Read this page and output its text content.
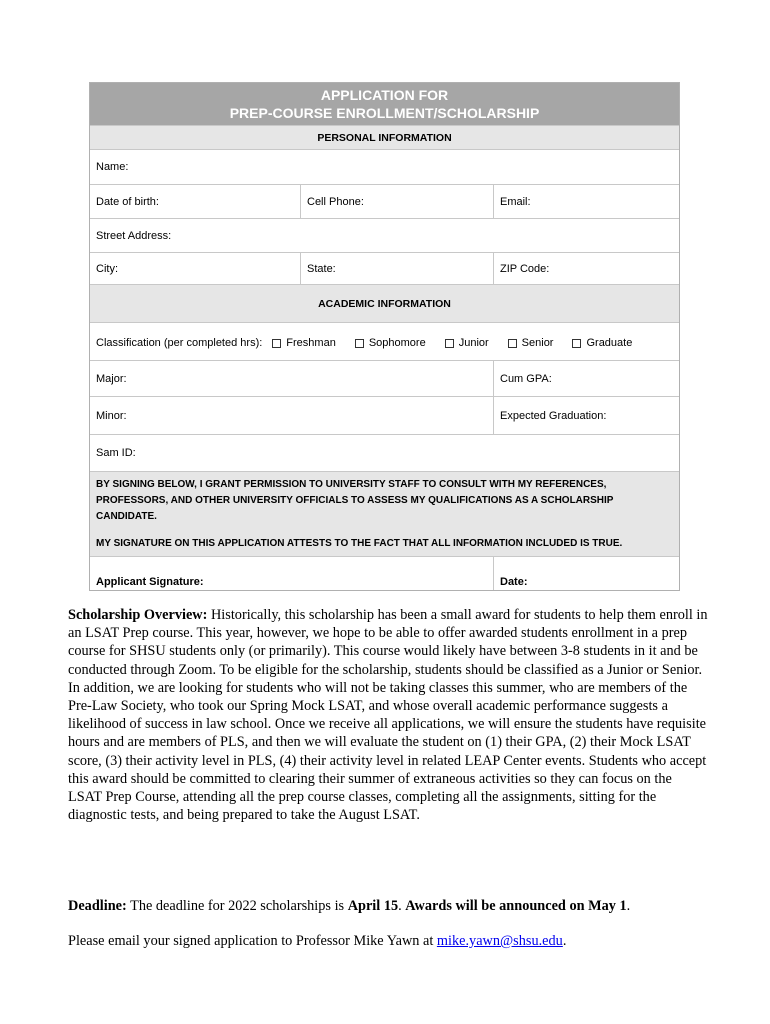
APPLICATION FOR
PREP-COURSE ENROLLMENT/SCHOLARSHIP
PERSONAL INFORMATION
Name:
Date of birth:	Cell Phone:	Email:
Street Address:
City:	State:	ZIP Code:
ACADEMIC INFORMATION
Classification (per completed hrs): Freshman	Sophomore	Junior	Senior	Graduate
Major:	Cum GPA:
Minor:	Expected Graduation:
Sam ID:

BY SIGNING BELOW, I GRANT PERMISSION TO UNIVERSITY STAFF TO CONSULT WITH MY REFERENCES, PROFESSORS, AND OTHER UNIVERSITY OFFICIALS TO ASSESS MY QUALIFICATIONS AS A SCHOLARSHIP CANDIDATE.

MY SIGNATURE ON THIS APPLICATION ATTESTS TO THE FACT THAT ALL INFORMATION INCLUDED IS TRUE.

Applicant Signature:	Date:
Scholarship Overview: Historically, this scholarship has been a small award for students to help them enroll in an LSAT Prep course. This year, however, we hope to be able to offer awarded students enrollment in a prep course for SHSU students only (or primarily). This course would likely have between 3-8 students in it and be conducted through Zoom. To be eligible for the scholarship, students should be classified as a Junior or Senior. In addition, we are looking for students who will not be taking classes this summer, who are members of the Pre-Law Society, who took our Spring Mock LSAT, and whose overall academic performance suggests a likelihood of success in law school. Once we receive all applications, we will ensure the students have requisite hours and are members of PLS, and then we will evaluate the student on (1) their GPA, (2) their Mock LSAT score, (3) their activity level in PLS, (4) their activity level in related LEAP Center events. Students who accept this award should be committed to clearing their summer of extraneous activities so they can focus on the LSAT Prep Course, attending all the prep course classes, completing all the assignments, sitting for the diagnostic tests, and being prepared to take the August LSAT.
Deadline: The deadline for 2022 scholarships is April 15. Awards will be announced on May 1.
Please email your signed application to Professor Mike Yawn at mike.yawn@shsu.edu.
